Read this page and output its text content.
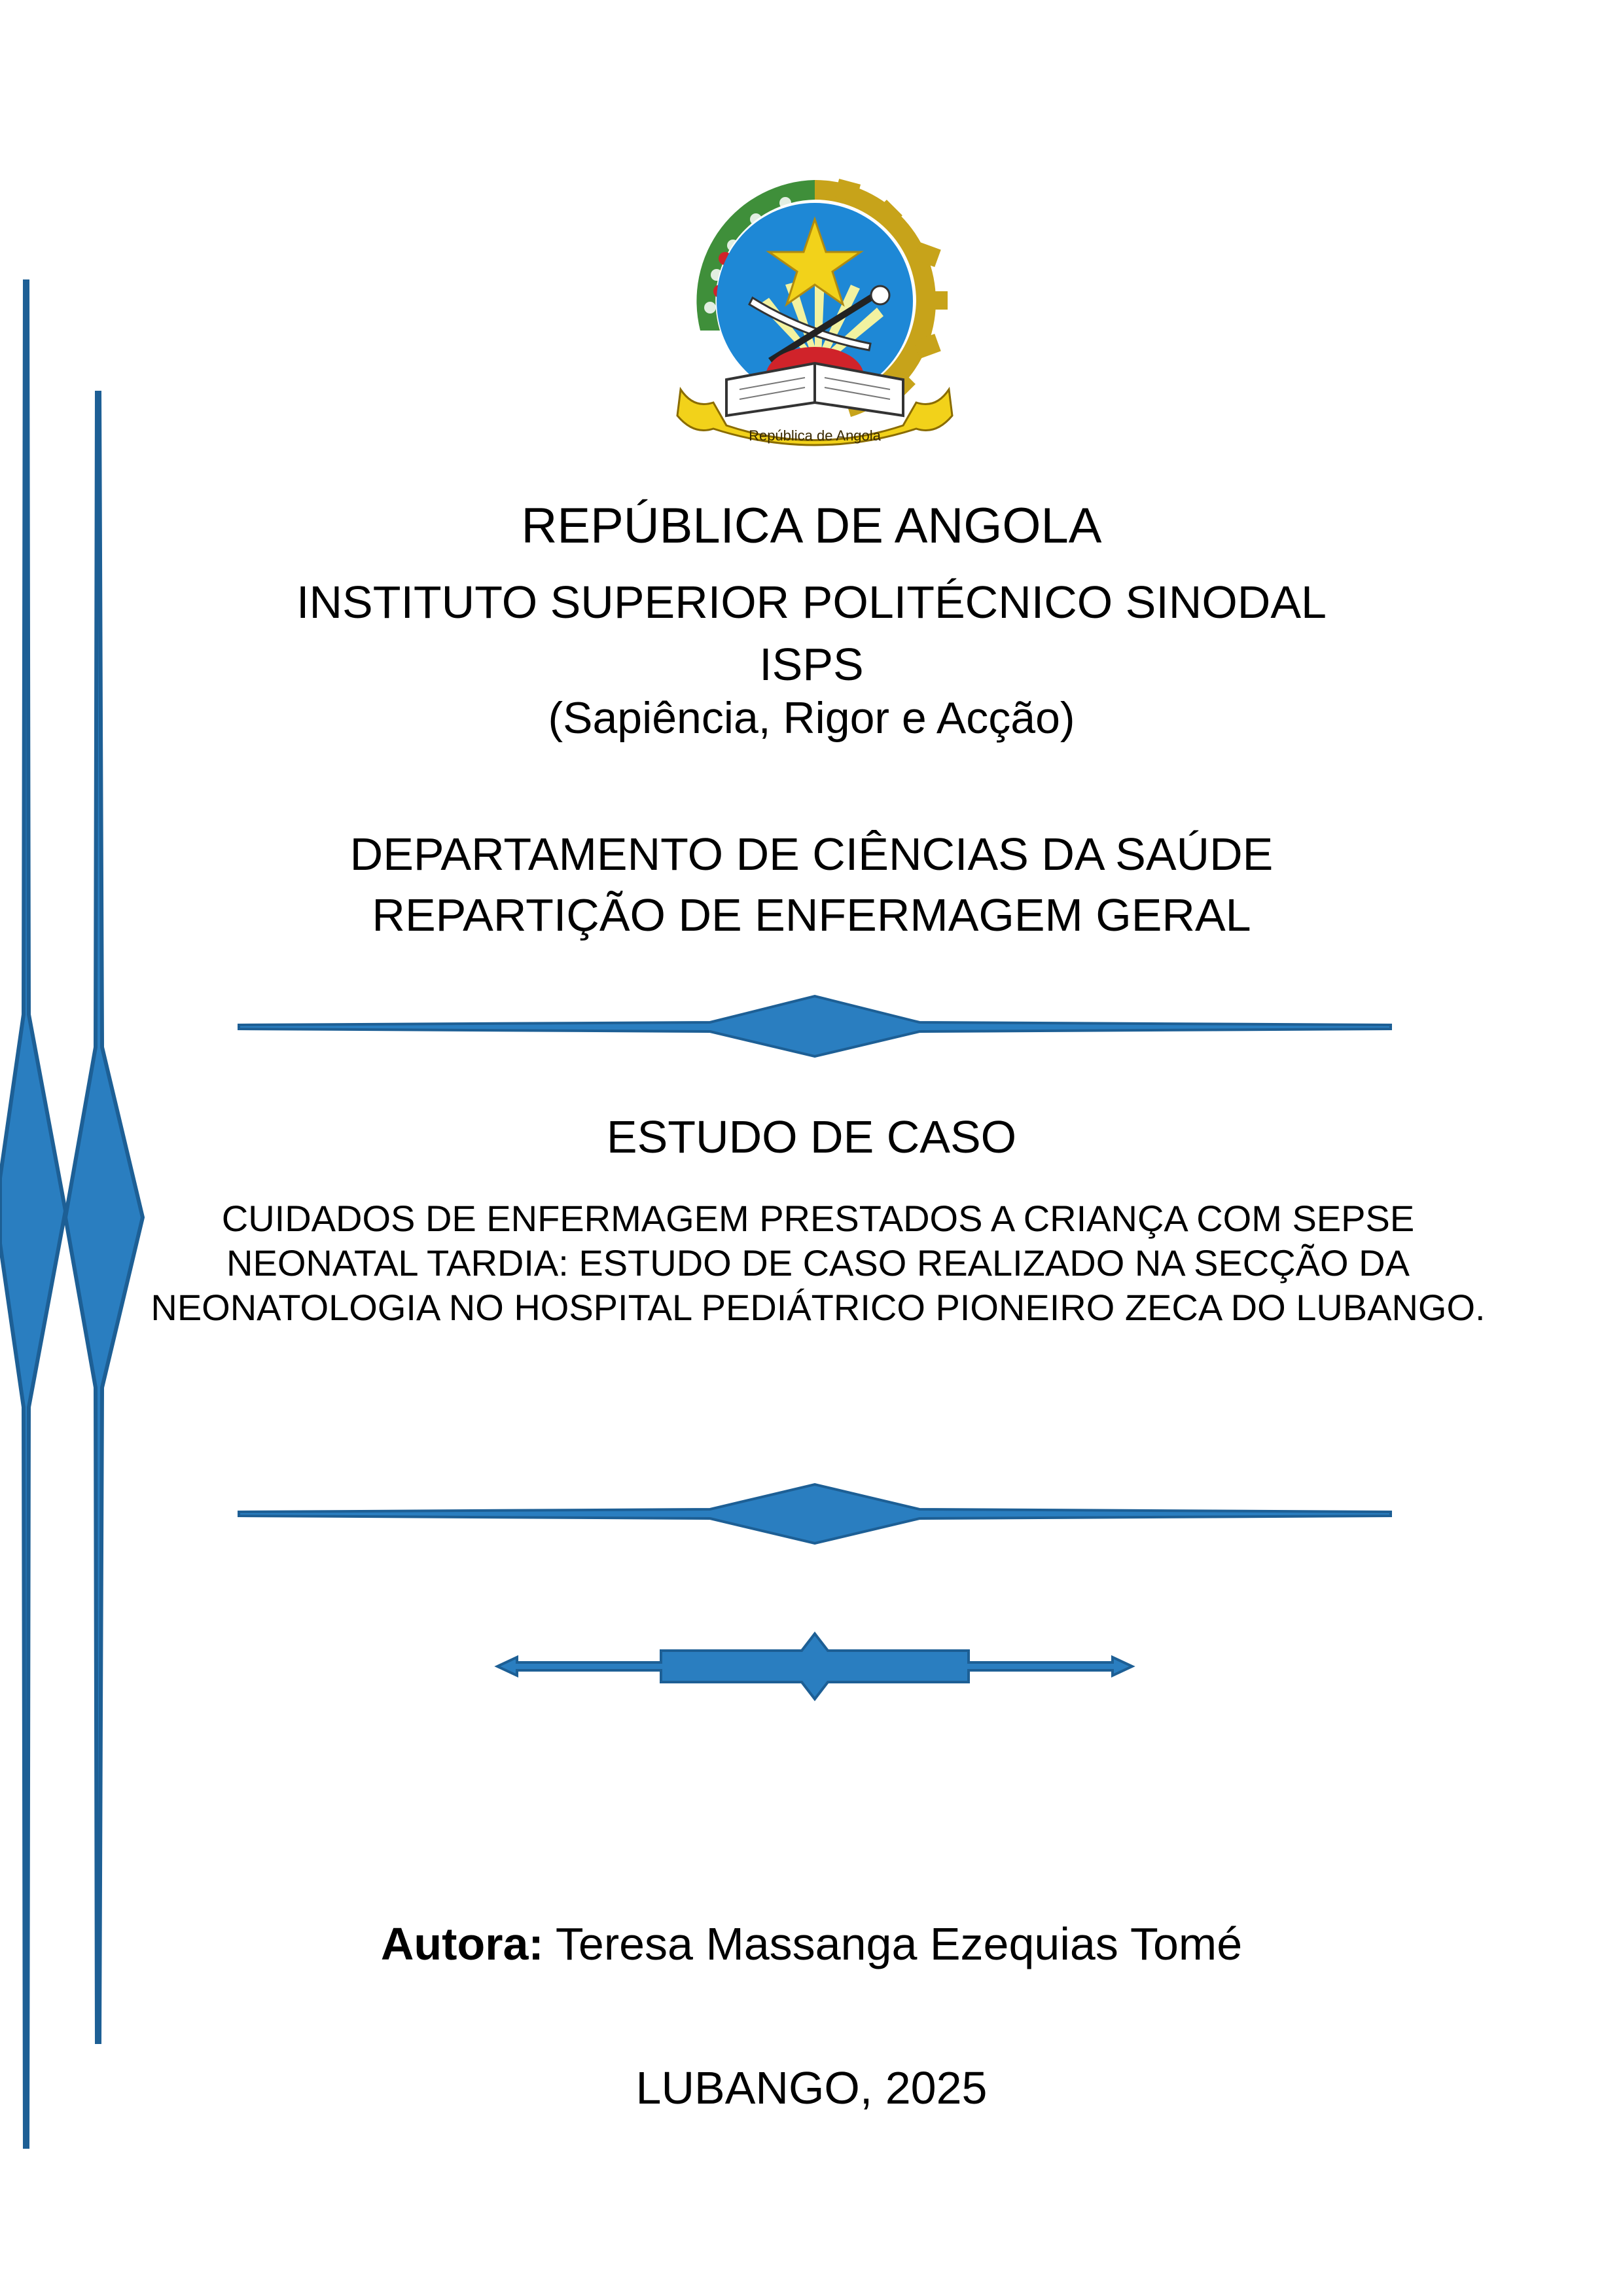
República de Angola
REPÚBLICA DE ANGOLA
INSTITUTO SUPERIOR POLITÉCNICO SINODAL
ISPS
(Sapiência, Rigor e Acção)
DEPARTAMENTO DE CIÊNCIAS DA SAÚDE
REPARTIÇÃO DE ENFERMAGEM GERAL
ESTUDO DE CASO
CUIDADOS DE ENFERMAGEM PRESTADOS A CRIANÇA COM SEPSE NEONATAL TARDIA: ESTUDO DE CASO REALIZADO NA SECÇÃO DA NEONATOLOGIA NO HOSPITAL PEDIÁTRICO PIONEIRO ZECA DO LUBANGO.
Autora: Teresa Massanga Ezequias Tomé
LUBANGO, 2025
